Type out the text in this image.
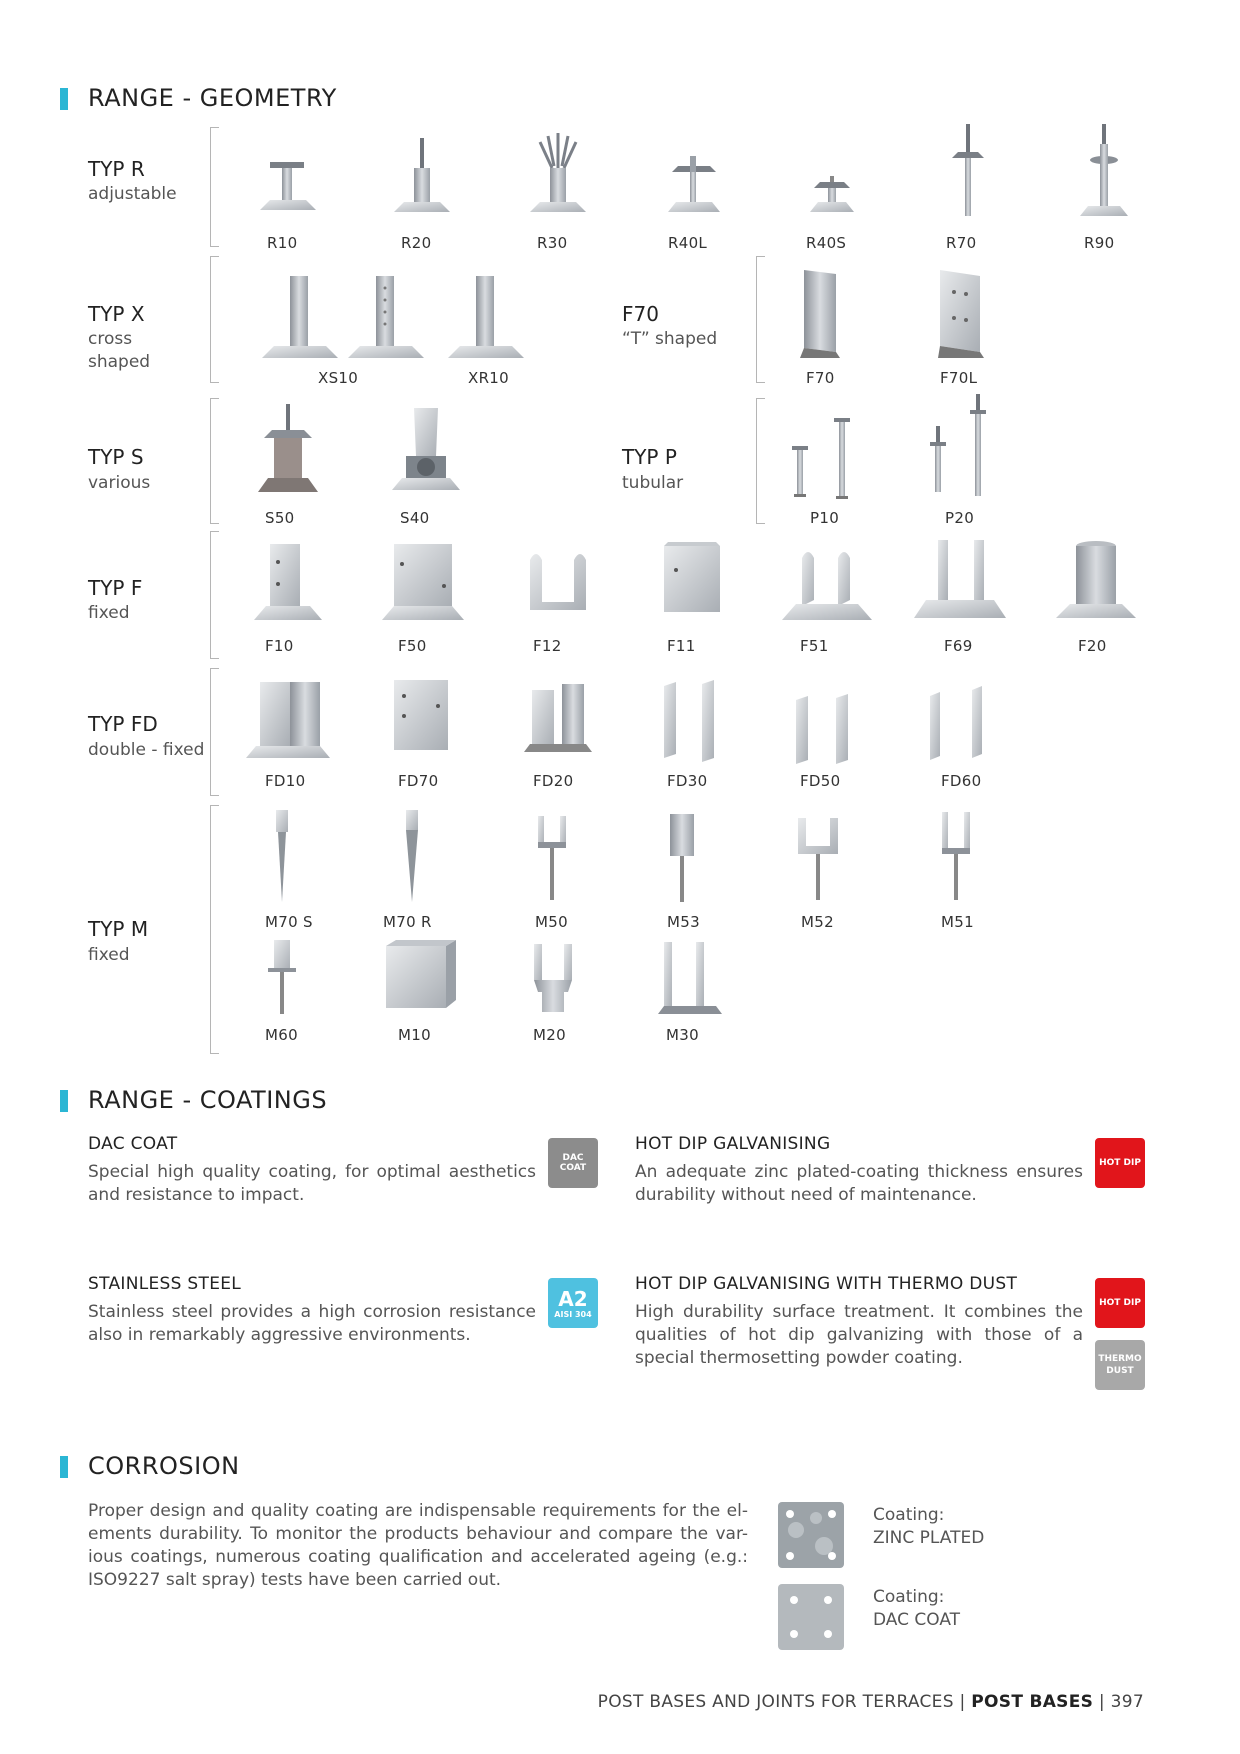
RANGE - GEOMETRY
TYP R
adjustable
TYP X
cross
shaped
F70
“T” shaped
TYP S
various
TYP P
tubular
TYP F
fixed
TYP FD
double - fixed
TYP M
fixed
R10	R20	R30	R40L	R40S	R70	R90
XS10	XR10	F70	F70L
S50	S40	P10	P20
F10	F50	F12	F11	F51	F69	F20
FD10	FD70	FD20	FD30	FD50	FD60
M70 S	M70 R	M50	M53	M52	M51
M60	M10	M20	M30
RANGE - COATINGS
DAC COAT
Special high quality coating, for optimal aesthetics and resistance to impact.
DAC COAT
HOT DIP GALVANISING
An adequate zinc plated-coating thickness ensures durability without need of maintenance.
HOT DIP
STAINLESS STEEL
Stainless steel provides a high corrosion resistance also in remarkably aggressive environments.
A2
AISI 304
HOT DIP GALVANISING WITH THERMO DUST
High durability surface treatment. It combines the qualities of hot dip galvanizing with those of a special thermosetting powder coating.
HOT DIP
THERMO
DUST
CORROSION
Proper design and quality coating are indispensable requirements for the el- ements durability. To monitor the products behaviour and compare the var- ious coatings, numerous coating qualification and accelerated ageing (e.g.: ISO9227 salt spray) tests have been carried out.
Coating:
ZINC PLATED
Coating:
DAC COAT
POST BASES AND JOINTS FOR TERRACES | POST BASES | 397
